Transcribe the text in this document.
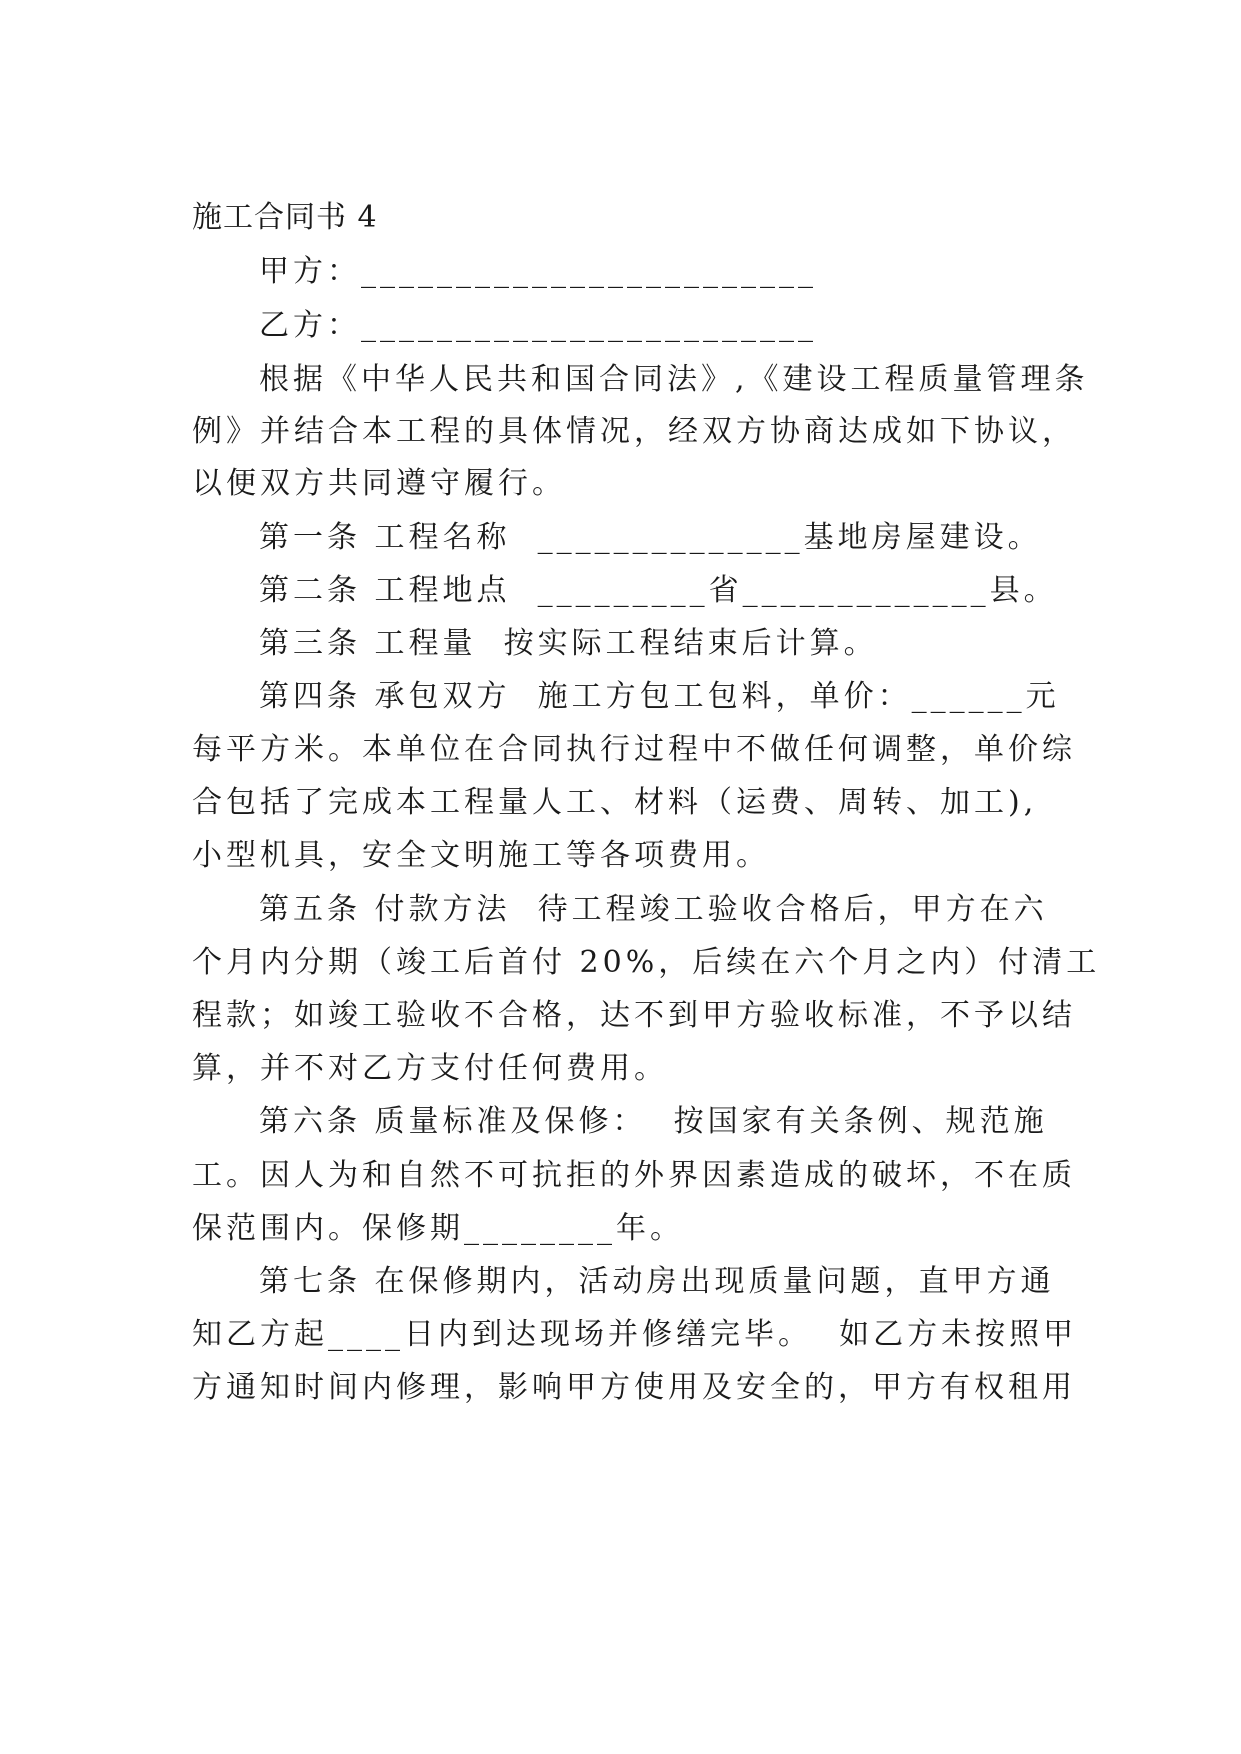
施工合同书 4
甲方：________________________
乙方：________________________
根据《中华人民共和国合同法》,《建设工程质量管理条
例》并结合本工程的具体情况，经双方协商达成如下协议，
以便双方共同遵守履行。
第一条 工程名称  ______________基地房屋建设。
第二条 工程地点  _________省_____________县。
第三条 工程量  按实际工程结束后计算。
第四条 承包双方  施工方包工包料，单价：______元
每平方米。本单位在合同执行过程中不做任何调整，单价综
合包括了完成本工程量人工、材料（运费、周转、加工),
小型机具，安全文明施工等各项费用。
第五条 付款方法  待工程竣工验收合格后，甲方在六
个月内分期（竣工后首付 20%，后续在六个月之内）付清工
程款；如竣工验收不合格，达不到甲方验收标准，不予以结
算，并不对乙方支付任何费用。
第六条 质量标准及保修：  按国家有关条例、规范施
工。因人为和自然不可抗拒的外界因素造成的破坏，不在质
保范围内。保修期________年。
第七条 在保修期内，活动房出现质量问题，直甲方通
知乙方起____日内到达现场并修缮完毕。  如乙方未按照甲
方通知时间内修理，影响甲方使用及安全的，甲方有权租用
